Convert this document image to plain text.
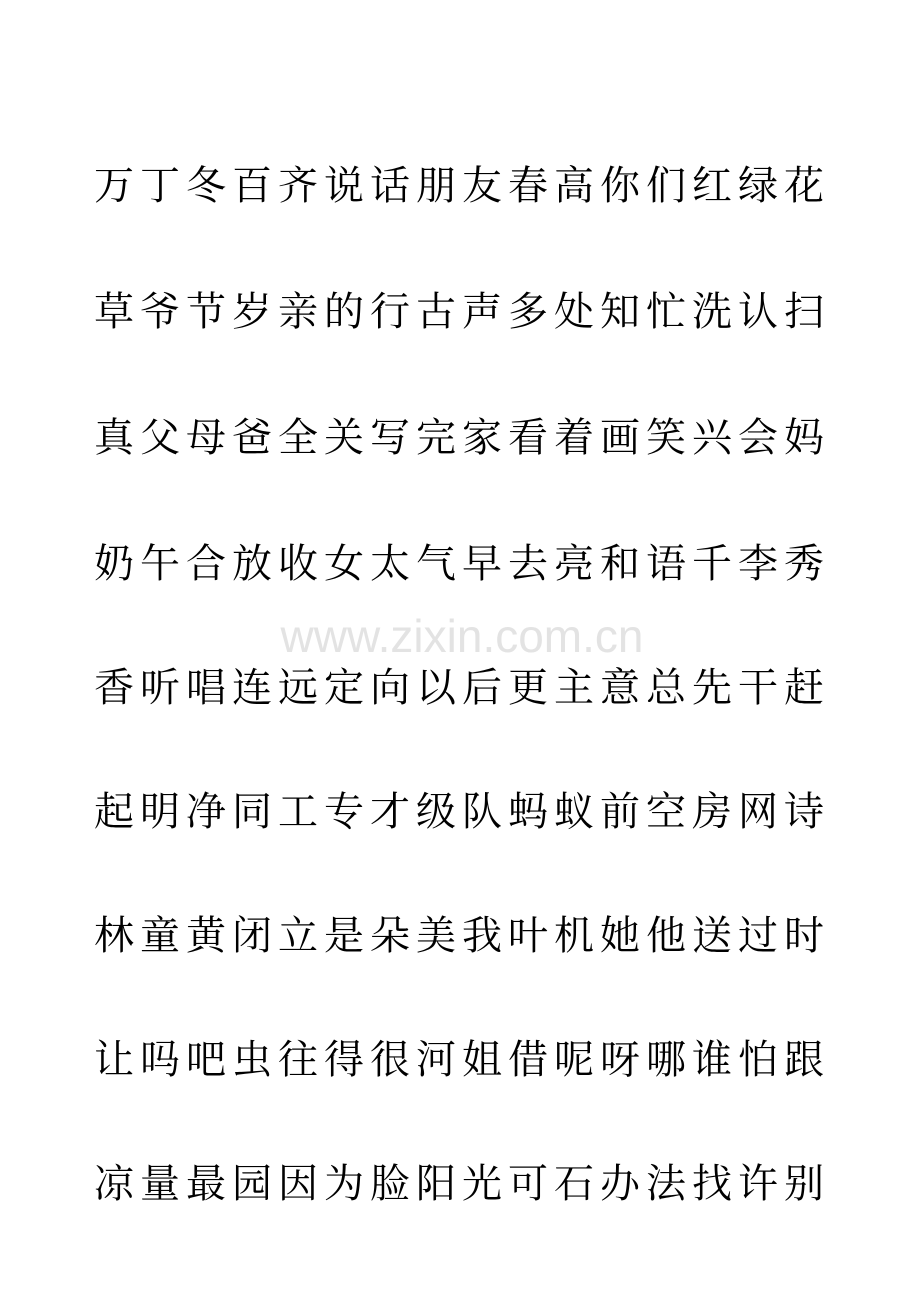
万丁冬百齐说话朋友春高你们红绿花
草爷节岁亲的行古声多处知忙洗认扫
真父母爸全关写完家看着画笑兴会妈
奶午合放收女太气早去亮和语千李秀
www.zixin.com.cn
香听唱连远定向以后更主意总先干赶
起明净同工专才级队蚂蚁前空房网诗
林童黄闭立是朵美我叶机她他送过时
让吗吧虫往得很河姐借呢呀哪谁怕跟
凉量最园因为脸阳光可石办法找许别
